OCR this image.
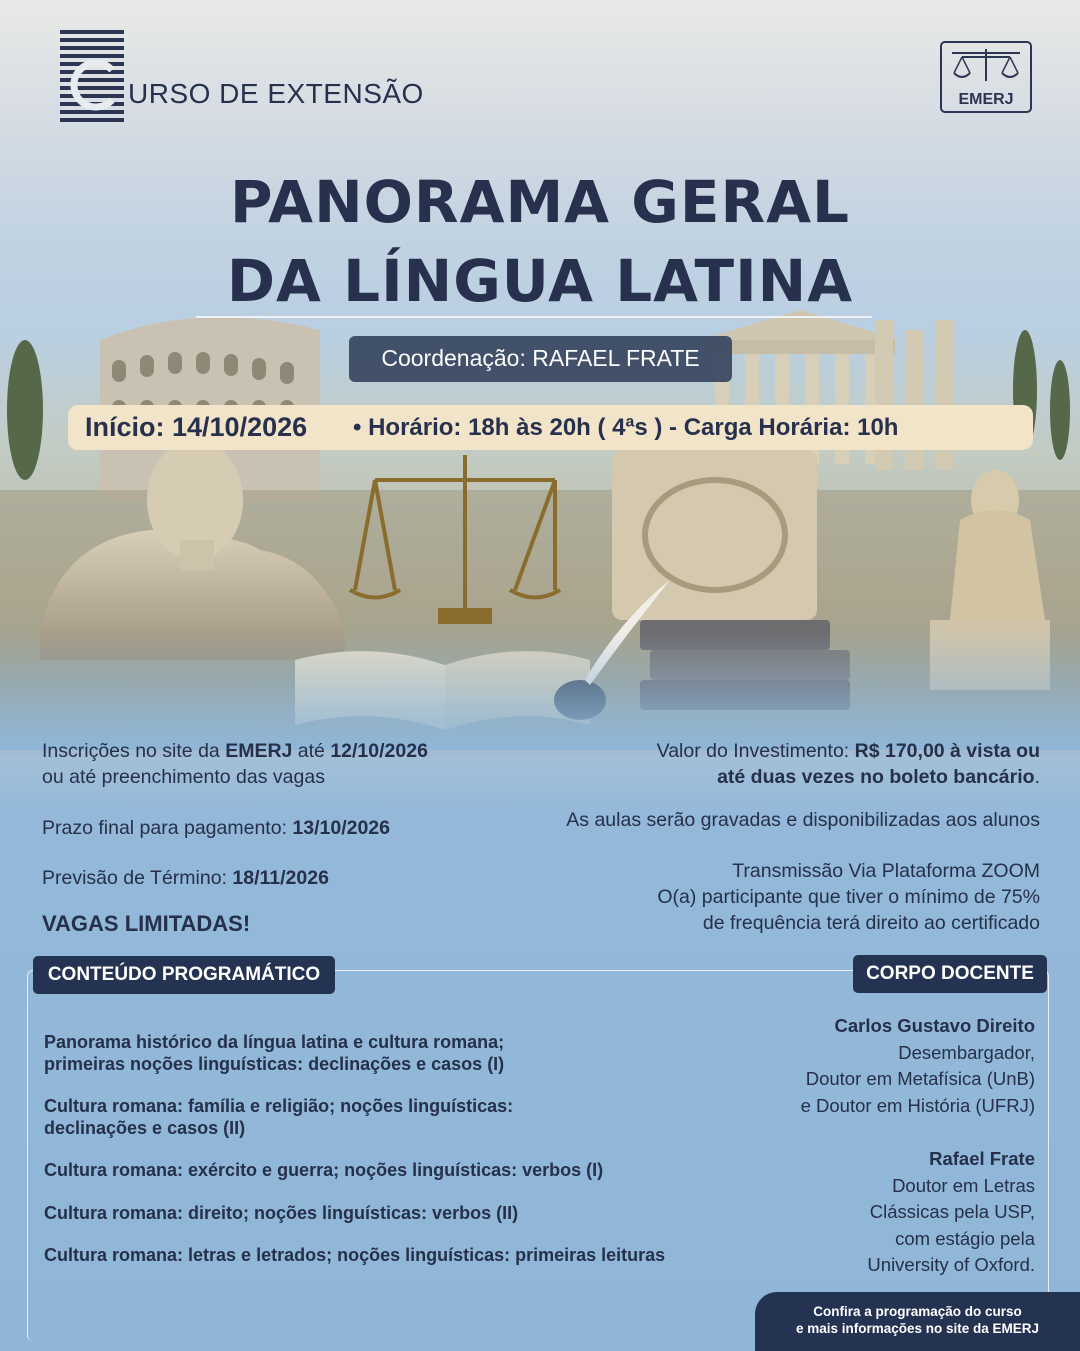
URSO DE EXTENSÃO	EMERJ
PANORAMA GERAL
DA LÍNGUA LATINA
Coordenação: RAFAEL FRATE
Início: 14/10/2026 • Horário: 18h às 20h ( 4ªs ) - Carga Horária: 10h
Inscrições no site da EMERJ até 12/10/2026
ou até preenchimento das vagas
Prazo final para pagamento: 13/10/2026
Previsão de Término: 18/11/2026
VAGAS LIMITADAS!
Valor do Investimento: R$ 170,00 à vista ou
até duas vezes no boleto bancário.
As aulas serão gravadas e disponibilizadas aos alunos
Transmissão Via Plataforma ZOOM
O(a) participante que tiver o mínimo de 75%
de frequência terá direito ao certificado
CONTEÚDO PROGRAMÁTICO	CORPO DOCENTE
Panorama histórico da língua latina e cultura romana;
primeiras noções linguísticas: declinações e casos (I)
Cultura romana: família e religião; noções linguísticas:
declinações e casos (II)
Cultura romana: exército e guerra; noções linguísticas: verbos (I)
Cultura romana: direito; noções linguísticas: verbos (II)
Cultura romana: letras e letrados; noções linguísticas: primeiras leituras
Carlos Gustavo Direito
Desembargador,
Doutor em Metafísica (UnB)
e Doutor em História (UFRJ)
Rafael Frate
Doutor em Letras
Clássicas pela USP,
com estágio pela
University of Oxford.
Confira a programação do curso
e mais informações no site da EMERJ
